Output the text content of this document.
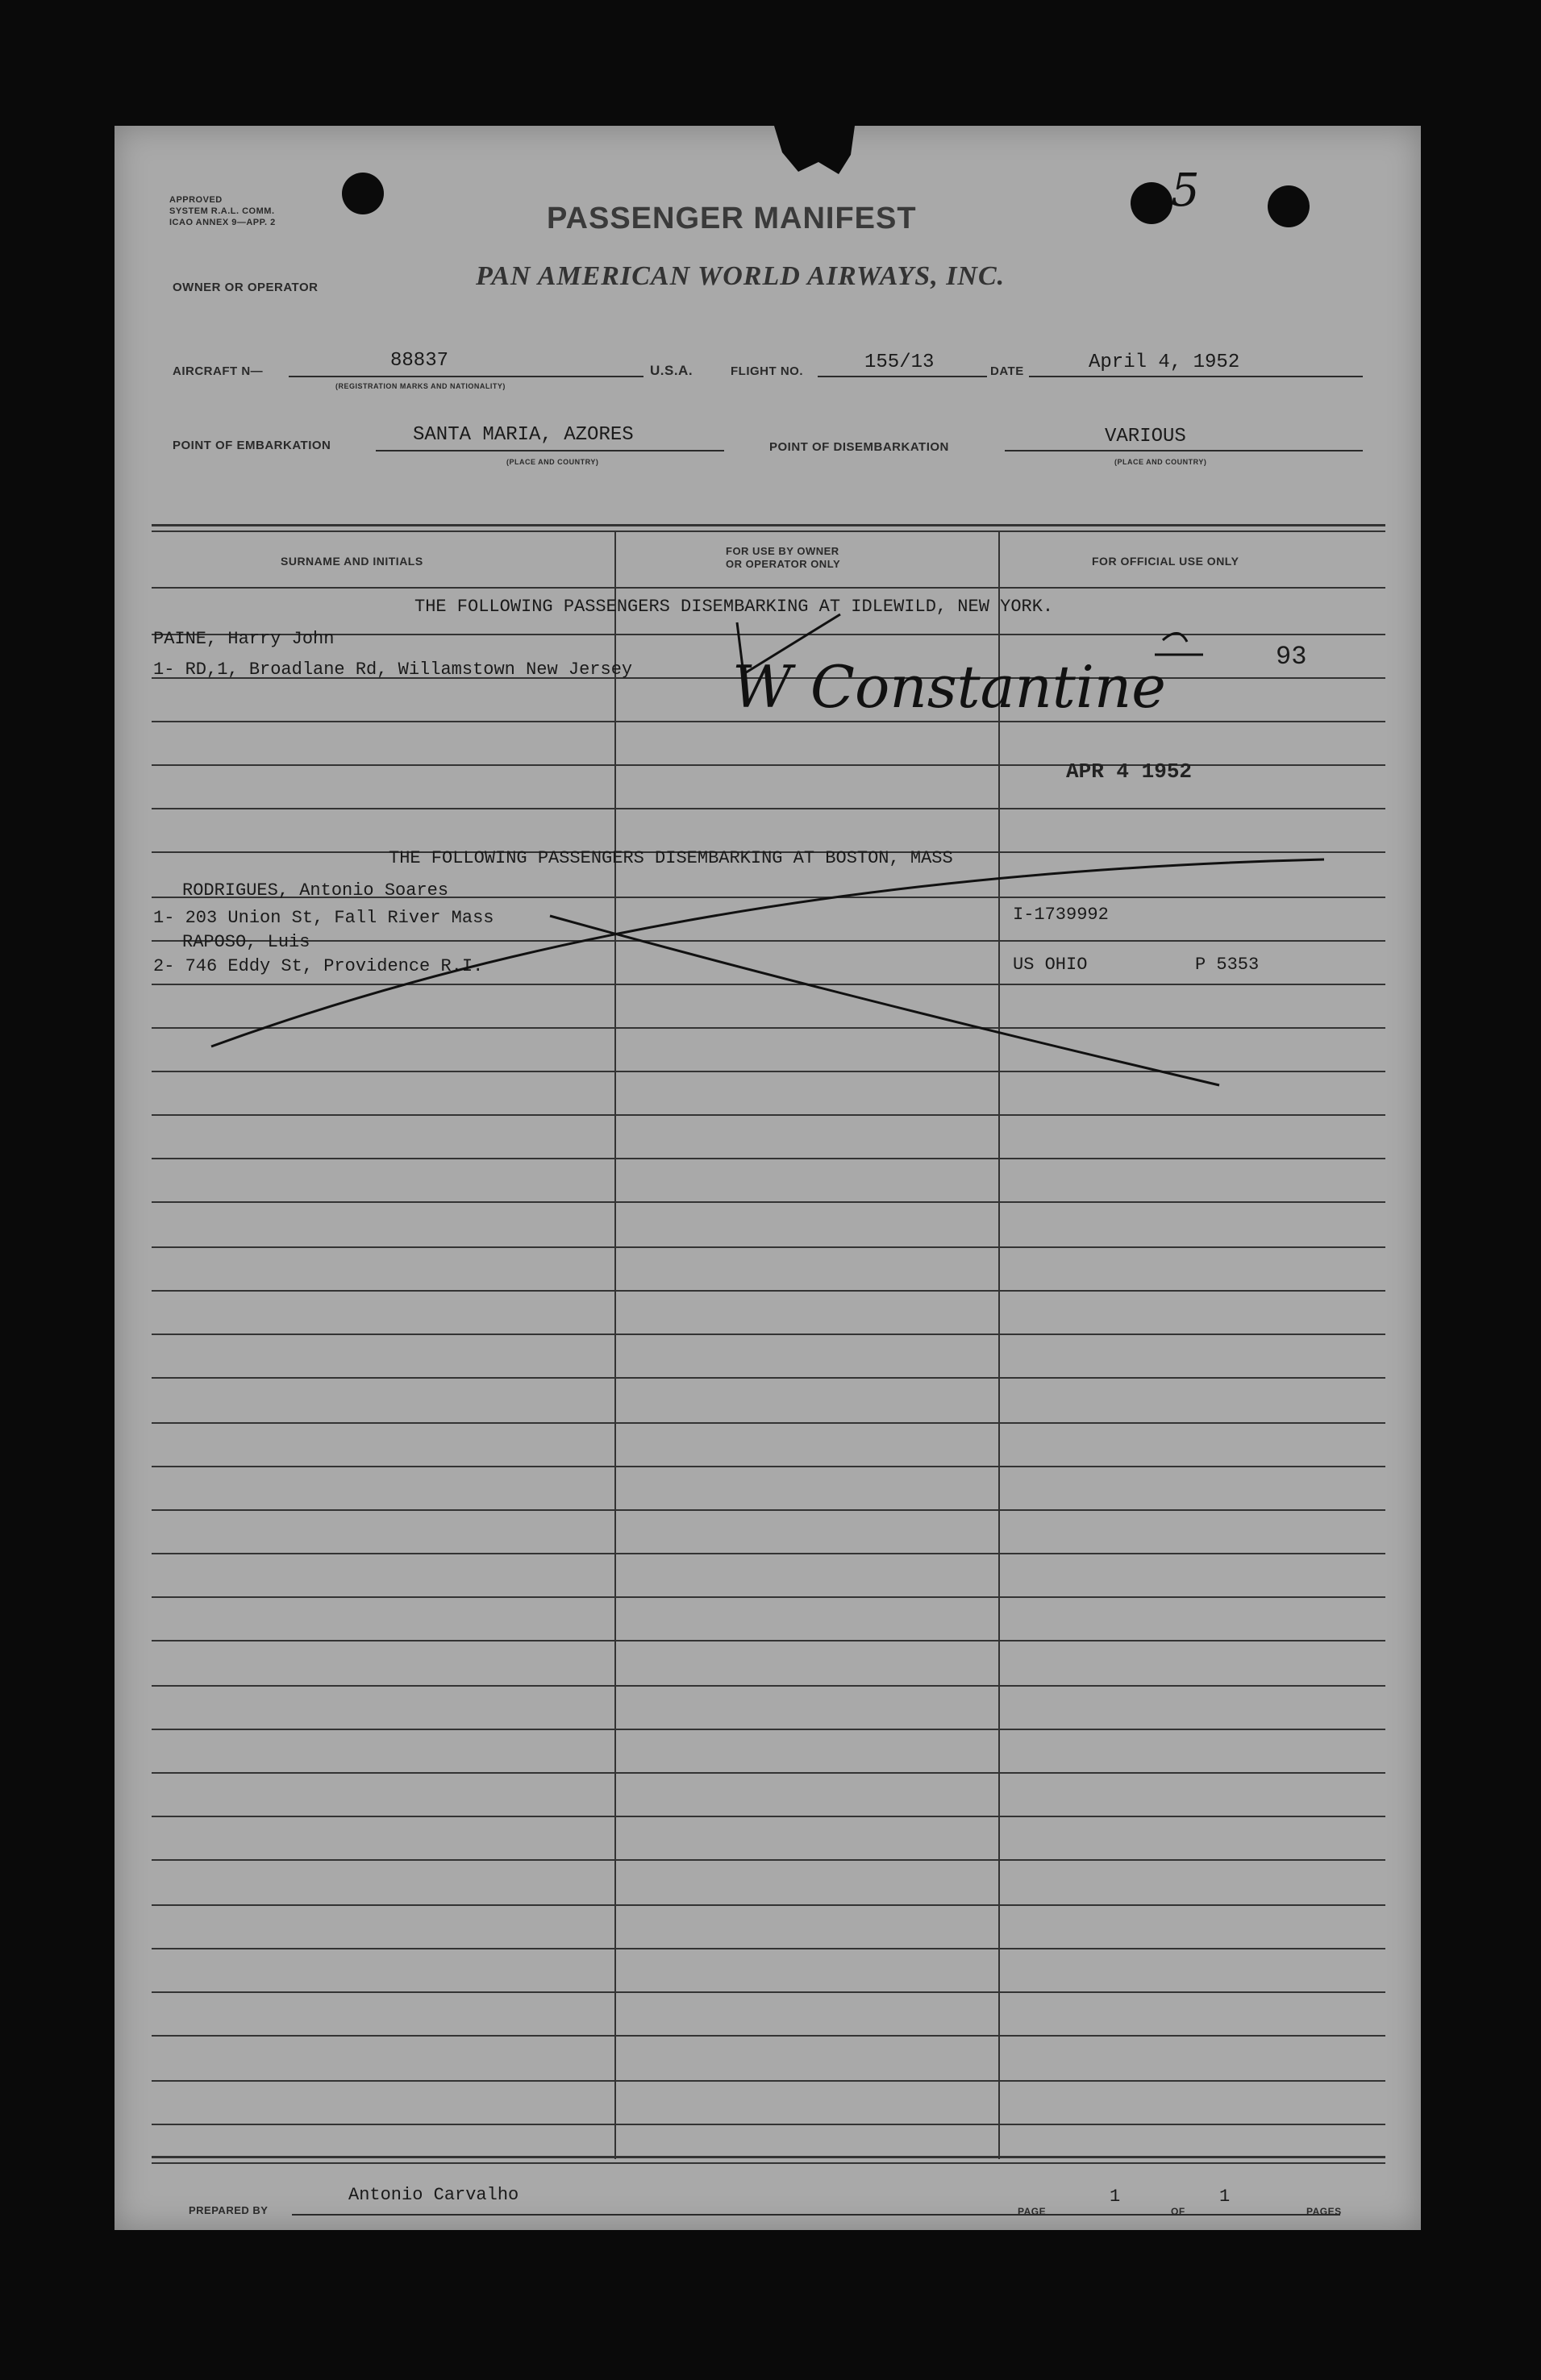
APPROVED
SYSTEM R.A.L. COMM.
ICAO ANNEX 9—APP. 2	PASSENGER MANIFEST
5
OWNER OR OPERATOR	PAN AMERICAN WORLD AIRWAYS, INC.
AIRCRAFT N—	88837
(REGISTRATION MARKS AND NATIONALITY)
U.S.A.	FLIGHT NO.	155/13	DATE	April 4, 1952
POINT OF EMBARKATION	SANTA MARIA, AZORES
(PLACE AND COUNTRY)
POINT OF DISEMBARKATION	VARIOUS
(PLACE AND COUNTRY)
SURNAME AND INITIALS
FOR USE BY OWNER
OR OPERATOR ONLY	FOR OFFICIAL USE ONLY
THE FOLLOWING PASSENGERS DISEMBARKING AT IDLEWILD, NEW YORK.
PAINE, Harry John
1- RD,1, Broadlane Rd, Willamstown New Jersey	93
APR 4 1952
W Constantine
THE FOLLOWING PASSENGERS DISEMBARKING AT BOSTON, MASS
RODRIGUES, Antonio Soares
1- 203 Union St, Fall River Mass	I-1739992
RAPOSO, Luis
2- 746 Eddy St, Providence R.I.	US OHIO	P 5353
PREPARED BY
Antonio Carvalho
PAGE
1
OF
1
PAGES
